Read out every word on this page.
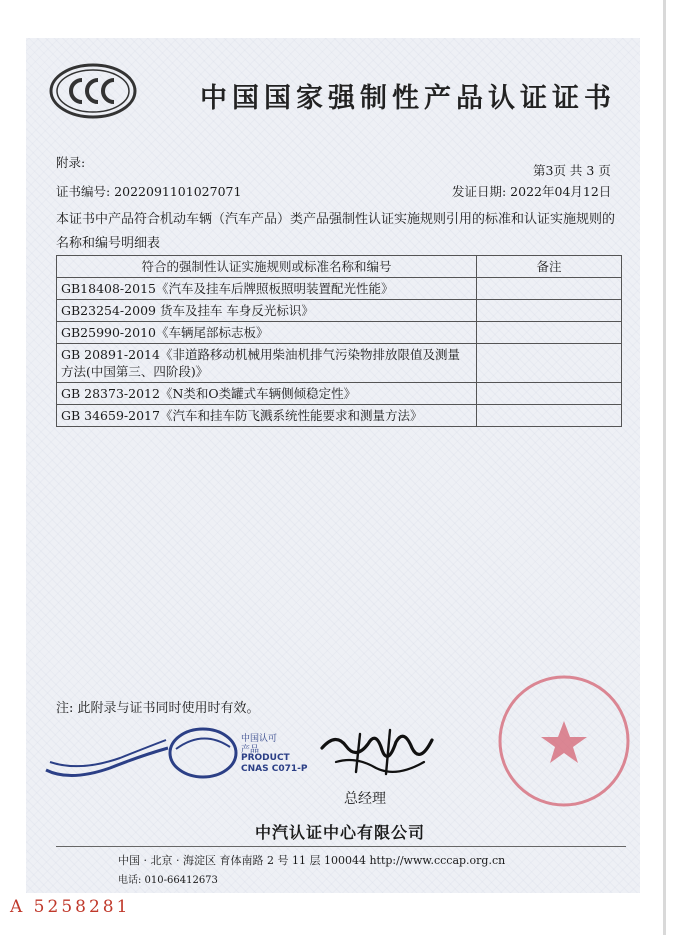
中国国家强制性产品认证证书
附录:
第3页 共 3 页
证书编号: 2022091101027071	发证日期: 2022年04月12日
本证书中产品符合机动车辆（汽车产品）类产品强制性认证实施规则引用的标准和认证实施规则的名称和编号明细表
符合的强制性认证实施规则或标准名称和编号	备注
GB18408-2015《汽车及挂车后牌照板照明装置配光性能》	
GB23254-2009 货车及挂车 车身反光标识》	
GB25990-2010《车辆尾部标志板》	
GB 20891-2014《非道路移动机械用柴油机排气污染物排放限值及测量方法(中国第三、四阶段)》	
GB 28373-2012《N类和O类罐式车辆侧倾稳定性》	
GB 34659-2017《汽车和挂车防飞溅系统性能要求和测量方法》	
注: 此附录与证书同时使用时有效。
中国认可
产品
PRODUCT
CNAS C071-P
总经理
中汽认证中心有限公司
中国 · 北京 · 海淀区 育体南路 2 号 11 层 100044 http://www.cccap.org.cn
电话: 010-66412673
A 5258281
